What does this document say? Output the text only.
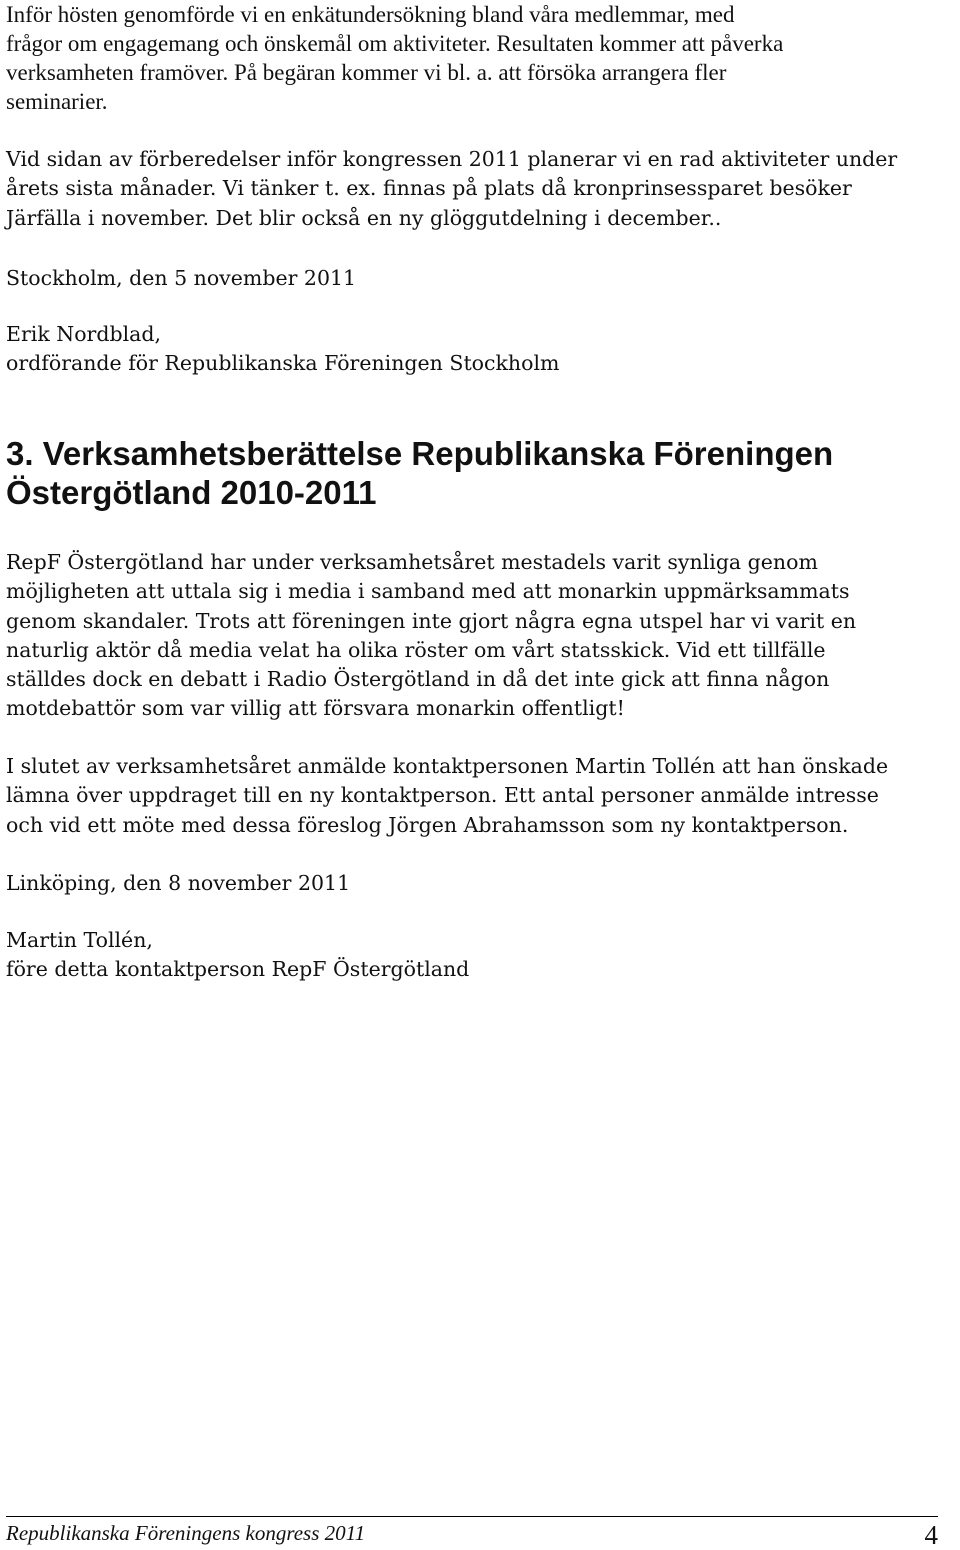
Inför hösten genomförde vi en enkätundersökning bland våra medlemmar, med
frågor om engagemang och önskemål om aktiviteter. Resultaten kommer att påverka
verksamheten framöver. På begäran kommer vi bl. a. att försöka arrangera fler
seminarier.

Vid sidan av förberedelser inför kongressen 2011 planerar vi en rad aktiviteter under
årets sista månader. Vi tänker t. ex. finnas på plats då kronprinsessparet besöker
Järfälla i november. Det blir också en ny glöggutdelning i december..

Stockholm, den 5 november 2011

Erik Nordblad,
ordförande för Republikanska Föreningen Stockholm

3. Verksamhetsberättelse Republikanska Föreningen
Östergötland 2010-2011

RepF Östergötland har under verksamhetsåret mestadels varit synliga genom
möjligheten att uttala sig i media i samband med att monarkin uppmärksammats
genom skandaler. Trots att föreningen inte gjort några egna utspel har vi varit en
naturlig aktör då media velat ha olika röster om vårt statsskick. Vid ett tillfälle
ställdes dock en debatt i Radio Östergötland in då det inte gick att finna någon
motdebattör som var villig att försvara monarkin offentligt!

I slutet av verksamhetsåret anmälde kontaktpersonen Martin Tollén att han önskade
lämna över uppdraget till en ny kontaktperson. Ett antal personer anmälde intresse
och vid ett möte med dessa föreslog Jörgen Abrahamsson som ny kontaktperson.

Linköping, den 8 november 2011

Martin Tollén,
före detta kontaktperson RepF Östergötland

Republikanska Föreningens kongress 2011	4
